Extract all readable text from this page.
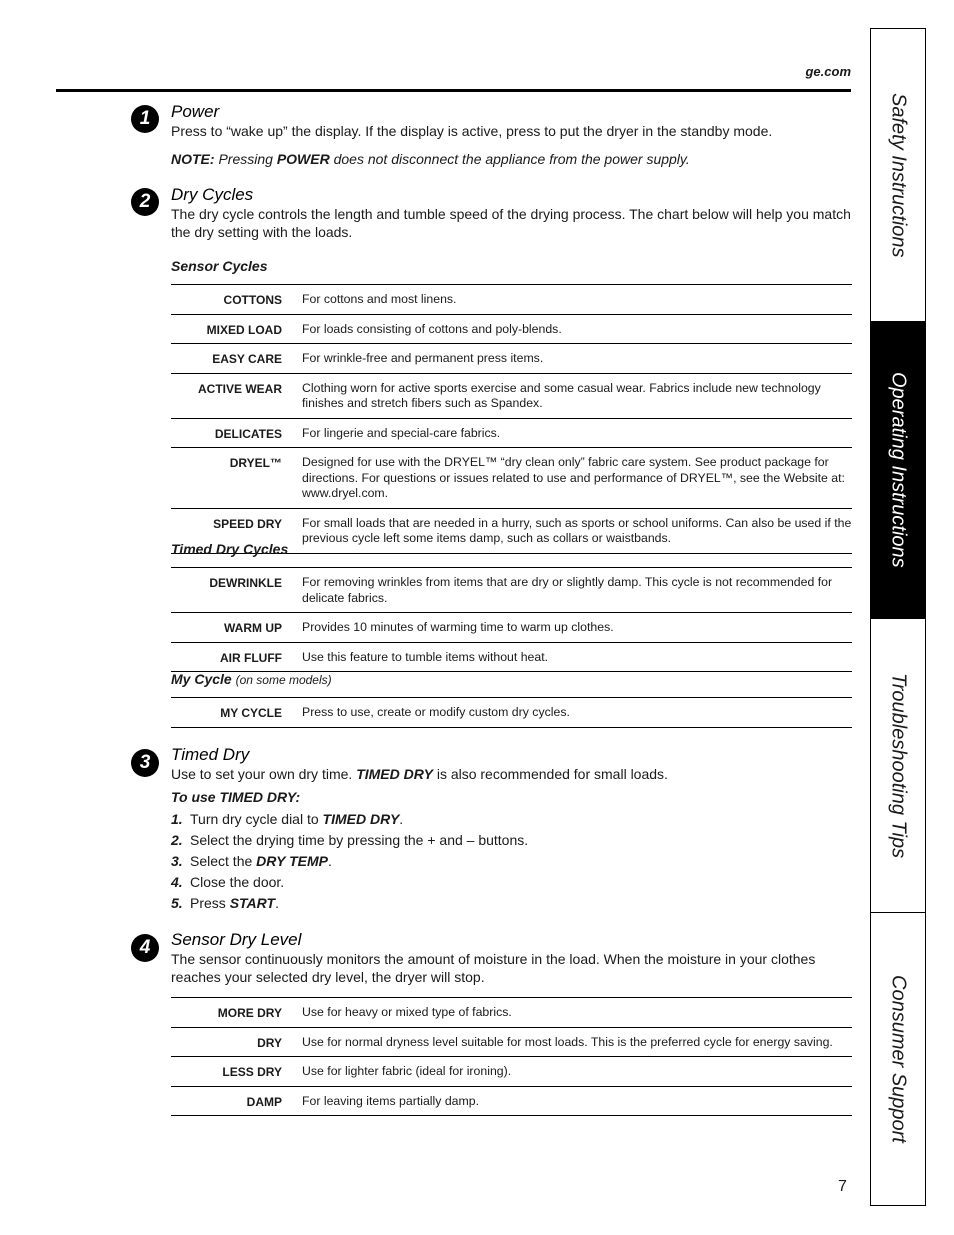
ge.com
1	Power
Press to “wake up” the display. If the display is active, press to put the dryer in the standby mode.
NOTE: Pressing POWER does not disconnect the appliance from the power supply.
2	Dry Cycles
The dry cycle controls the length and tumble speed of the drying process. The chart below will help you match the dry setting with the loads.
Sensor Cycles
COTTONS For cottons and most linens.
MIXED LOAD For loads consisting of cottons and poly-blends.
EASY CARE For wrinkle-free and permanent press items.
ACTIVE WEAR Clothing worn for active sports exercise and some casual wear. Fabrics include new technology finishes and stretch fibers such as Spandex.
DELICATES For lingerie and special-care fabrics.
DRYEL™ Designed for use with the DRYEL™ “dry clean only” fabric care system. See product package for directions. For questions or issues related to use and performance of DRYEL™, see the Website at: www.dryel.com.
SPEED DRY For small loads that are needed in a hurry, such as sports or school uniforms. Can also be used if the previous cycle left some items damp, such as collars or waistbands.
Timed Dry Cycles
DEWRINKLE For removing wrinkles from items that are dry or slightly damp. This cycle is not recommended for delicate fabrics.
WARM UP Provides 10 minutes of warming time to warm up clothes.
AIR FLUFF Use this feature to tumble items without heat.
My Cycle (on some models)
MY CYCLE Press to use, create or modify custom dry cycles.
3	Timed Dry
Use to set your own dry time. TIMED DRY is also recommended for small loads.
To use TIMED DRY:
1. Turn dry cycle dial to TIMED DRY.
2. Select the drying time by pressing the + and – buttons.
3. Select the DRY TEMP.
4. Close the door.
5. Press START.
4	Sensor Dry Level
The sensor continuously monitors the amount of moisture in the load. When the moisture in your clothes reaches your selected dry level, the dryer will stop.
MORE DRY Use for heavy or mixed type of fabrics.
DRY Use for normal dryness level suitable for most loads. This is the preferred cycle for energy saving.
LESS DRY Use for lighter fabric (ideal for ironing).
DAMP For leaving items partially damp.
Safety Instructions
Operating Instructions
Troubleshooting Tips
Consumer Support
7
